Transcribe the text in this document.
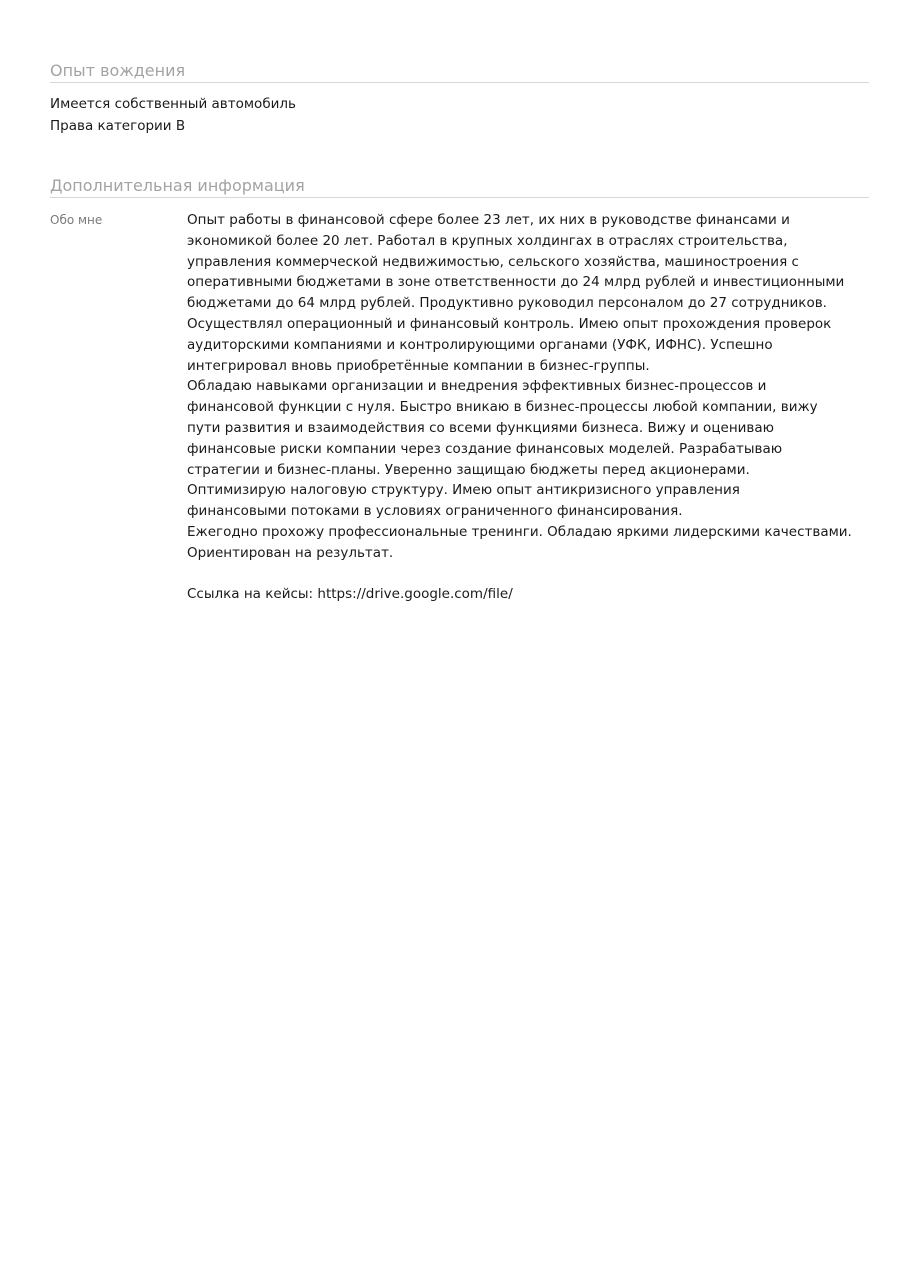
Опыт вождения
Имеется собственный автомобиль
Права категории B
Дополнительная информация
Обо мне	Опыт работы в финансовой сфере более 23 лет, их них в руководстве финансами и
экономикой более 20 лет. Работал в крупных холдингах в отраслях строительства,
управления коммерческой недвижимостью, сельского хозяйства, машиностроения с
оперативными бюджетами в зоне ответственности до 24 млрд рублей и инвестиционными
бюджетами до 64 млрд рублей. Продуктивно руководил персоналом до 27 сотрудников.
Осуществлял операционный и финансовый контроль. Имею опыт прохождения проверок
аудиторскими компаниями и контролирующими органами (УФК, ИФНС). Успешно
интегрировал вновь приобретённые компании в бизнес-группы.
Обладаю навыками организации и внедрения эффективных бизнес-процессов и
финансовой функции с нуля. Быстро вникаю в бизнес-процессы любой компании, вижу
пути развития и взаимодействия со всеми функциями бизнеса. Вижу и оцениваю
финансовые риски компании через создание финансовых моделей. Разрабатываю
стратегии и бизнес-планы. Уверенно защищаю бюджеты перед акционерами.
Оптимизирую налоговую структуру. Имею опыт антикризисного управления
финансовыми потоками в условиях ограниченного финансирования.
Ежегодно прохожу профессиональные тренинги. Обладаю яркими лидерскими качествами.
Ориентирован на результат.
Ссылка на кейсы: https://drive.google.com/file/
